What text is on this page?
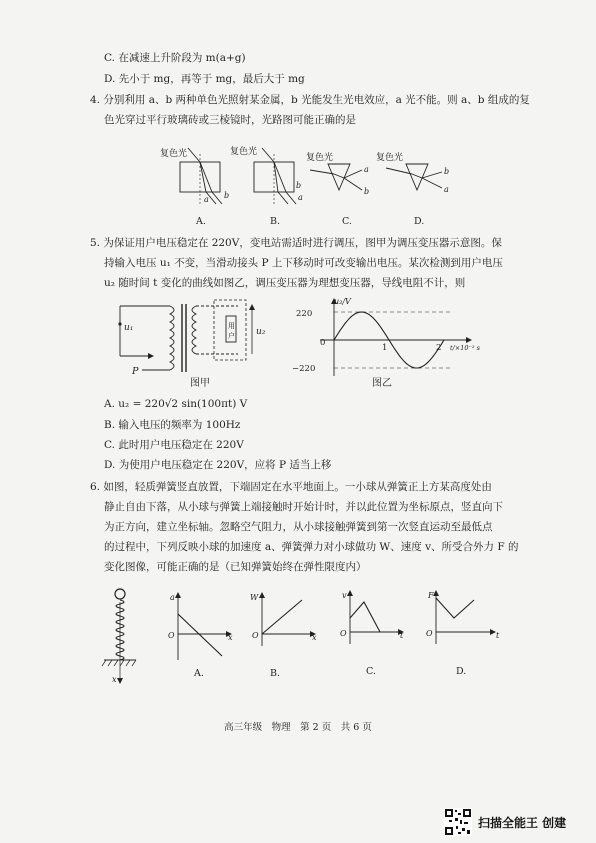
C. 在减速上升阶段为 m(a+g)
D. 先小于 mg，再等于 mg，最后大于 mg
4. 分别利用 a、b 两种单色光照射某金属，b 光能发生光电效应，a 光不能。则 a、b 组成的复
色光穿过平行玻璃砖或三棱镜时，光路图可能正确的是
复色光
a b
A.
复色光
b
a
B.
复色光
a
b
C.
复色光
b
a
D.
5. 为保证用户电压稳定在 220V，变电站需适时进行调压，图甲为调压变压器示意图。保
持输入电压 u₁ 不变，当滑动接头 P 上下移动时可改变输出电压。某次检测到用户电压
u₂ 随时间 t 变化的曲线如图乙，调压变压器为理想变压器，导线电阻不计，则
u₁
P
用
户 u₂
图甲
u₂/V
220
−220
0	1	2 t/×10⁻² s
图乙
A. u₂ = 220√2 sin(100πt) V
B. 输入电压的频率为 100Hz
C. 此时用户电压稳定在 220V
D. 为使用户电压稳定在 220V，应将 P 适当上移
6. 如图，轻质弹簧竖直放置，下端固定在水平地面上。一小球从弹簧正上方某高度处由
静止自由下落，从小球与弹簧上端接触时开始计时，并以此位置为坐标原点，竖直向下
为正方向，建立坐标轴。忽略空气阻力，从小球接触弹簧到第一次竖直运动至最低点
的过程中，下列反映小球的加速度 a、弹簧弹力对小球做功 W、速度 v、所受合外力 F 的
变化图像，可能正确的是（已知弹簧始终在弹性限度内）
x
a
O	x
A.
W
O	x
B.
v
O	t
C.
F
O	t
D.
高三年级　物理　第 2 页　共 6 页
扫描全能王 创建
